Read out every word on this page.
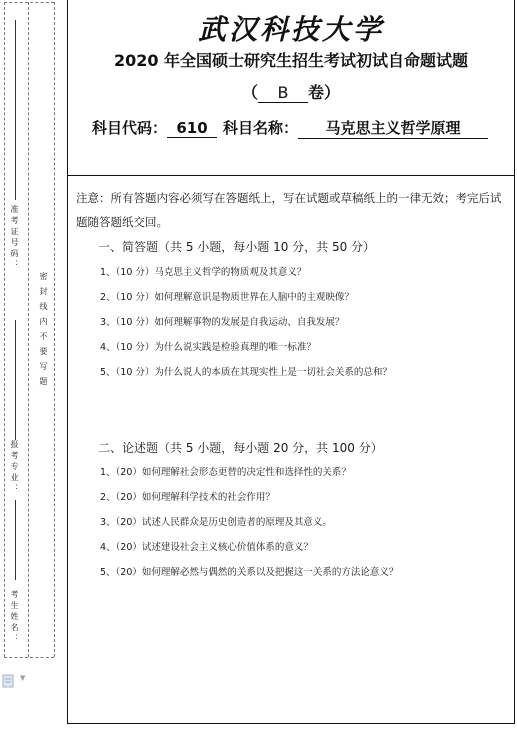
准考证号码：
报考专业：
考生姓名：
密封线内不要写题
▼
武汉科技大学
2020 年全国硕士研究生招生考试初试自命题试题
（ B 卷）
科目代码： 610 科目名称： 马克思主义哲学原理
注意：所有答题内容必须写在答题纸上，写在试题或草稿纸上的一律无效；考完后试题随答题纸交回。
一、简答题（共 5 小题，每小题 10 分，共 50 分）
1、（10 分）马克思主义哲学的物质观及其意义？
2、（10 分）如何理解意识是物质世界在人脑中的主观映像？
3、（10 分）如何理解事物的发展是自我运动、自我发展？
4、（10 分）为什么说实践是检验真理的唯一标准？
5、（10 分）为什么说人的本质在其现实性上是一切社会关系的总和？
二、论述题（共 5 小题，每小题 20 分，共 100 分）
1、（20）如何理解社会形态更替的决定性和选择性的关系？
2、（20）如何理解科学技术的社会作用？
3、（20）试述人民群众是历史创造者的原理及其意义。
4、（20）试述建设社会主义核心价值体系的意义？
5、（20）如何理解必然与偶然的关系以及把握这一关系的方法论意义？
